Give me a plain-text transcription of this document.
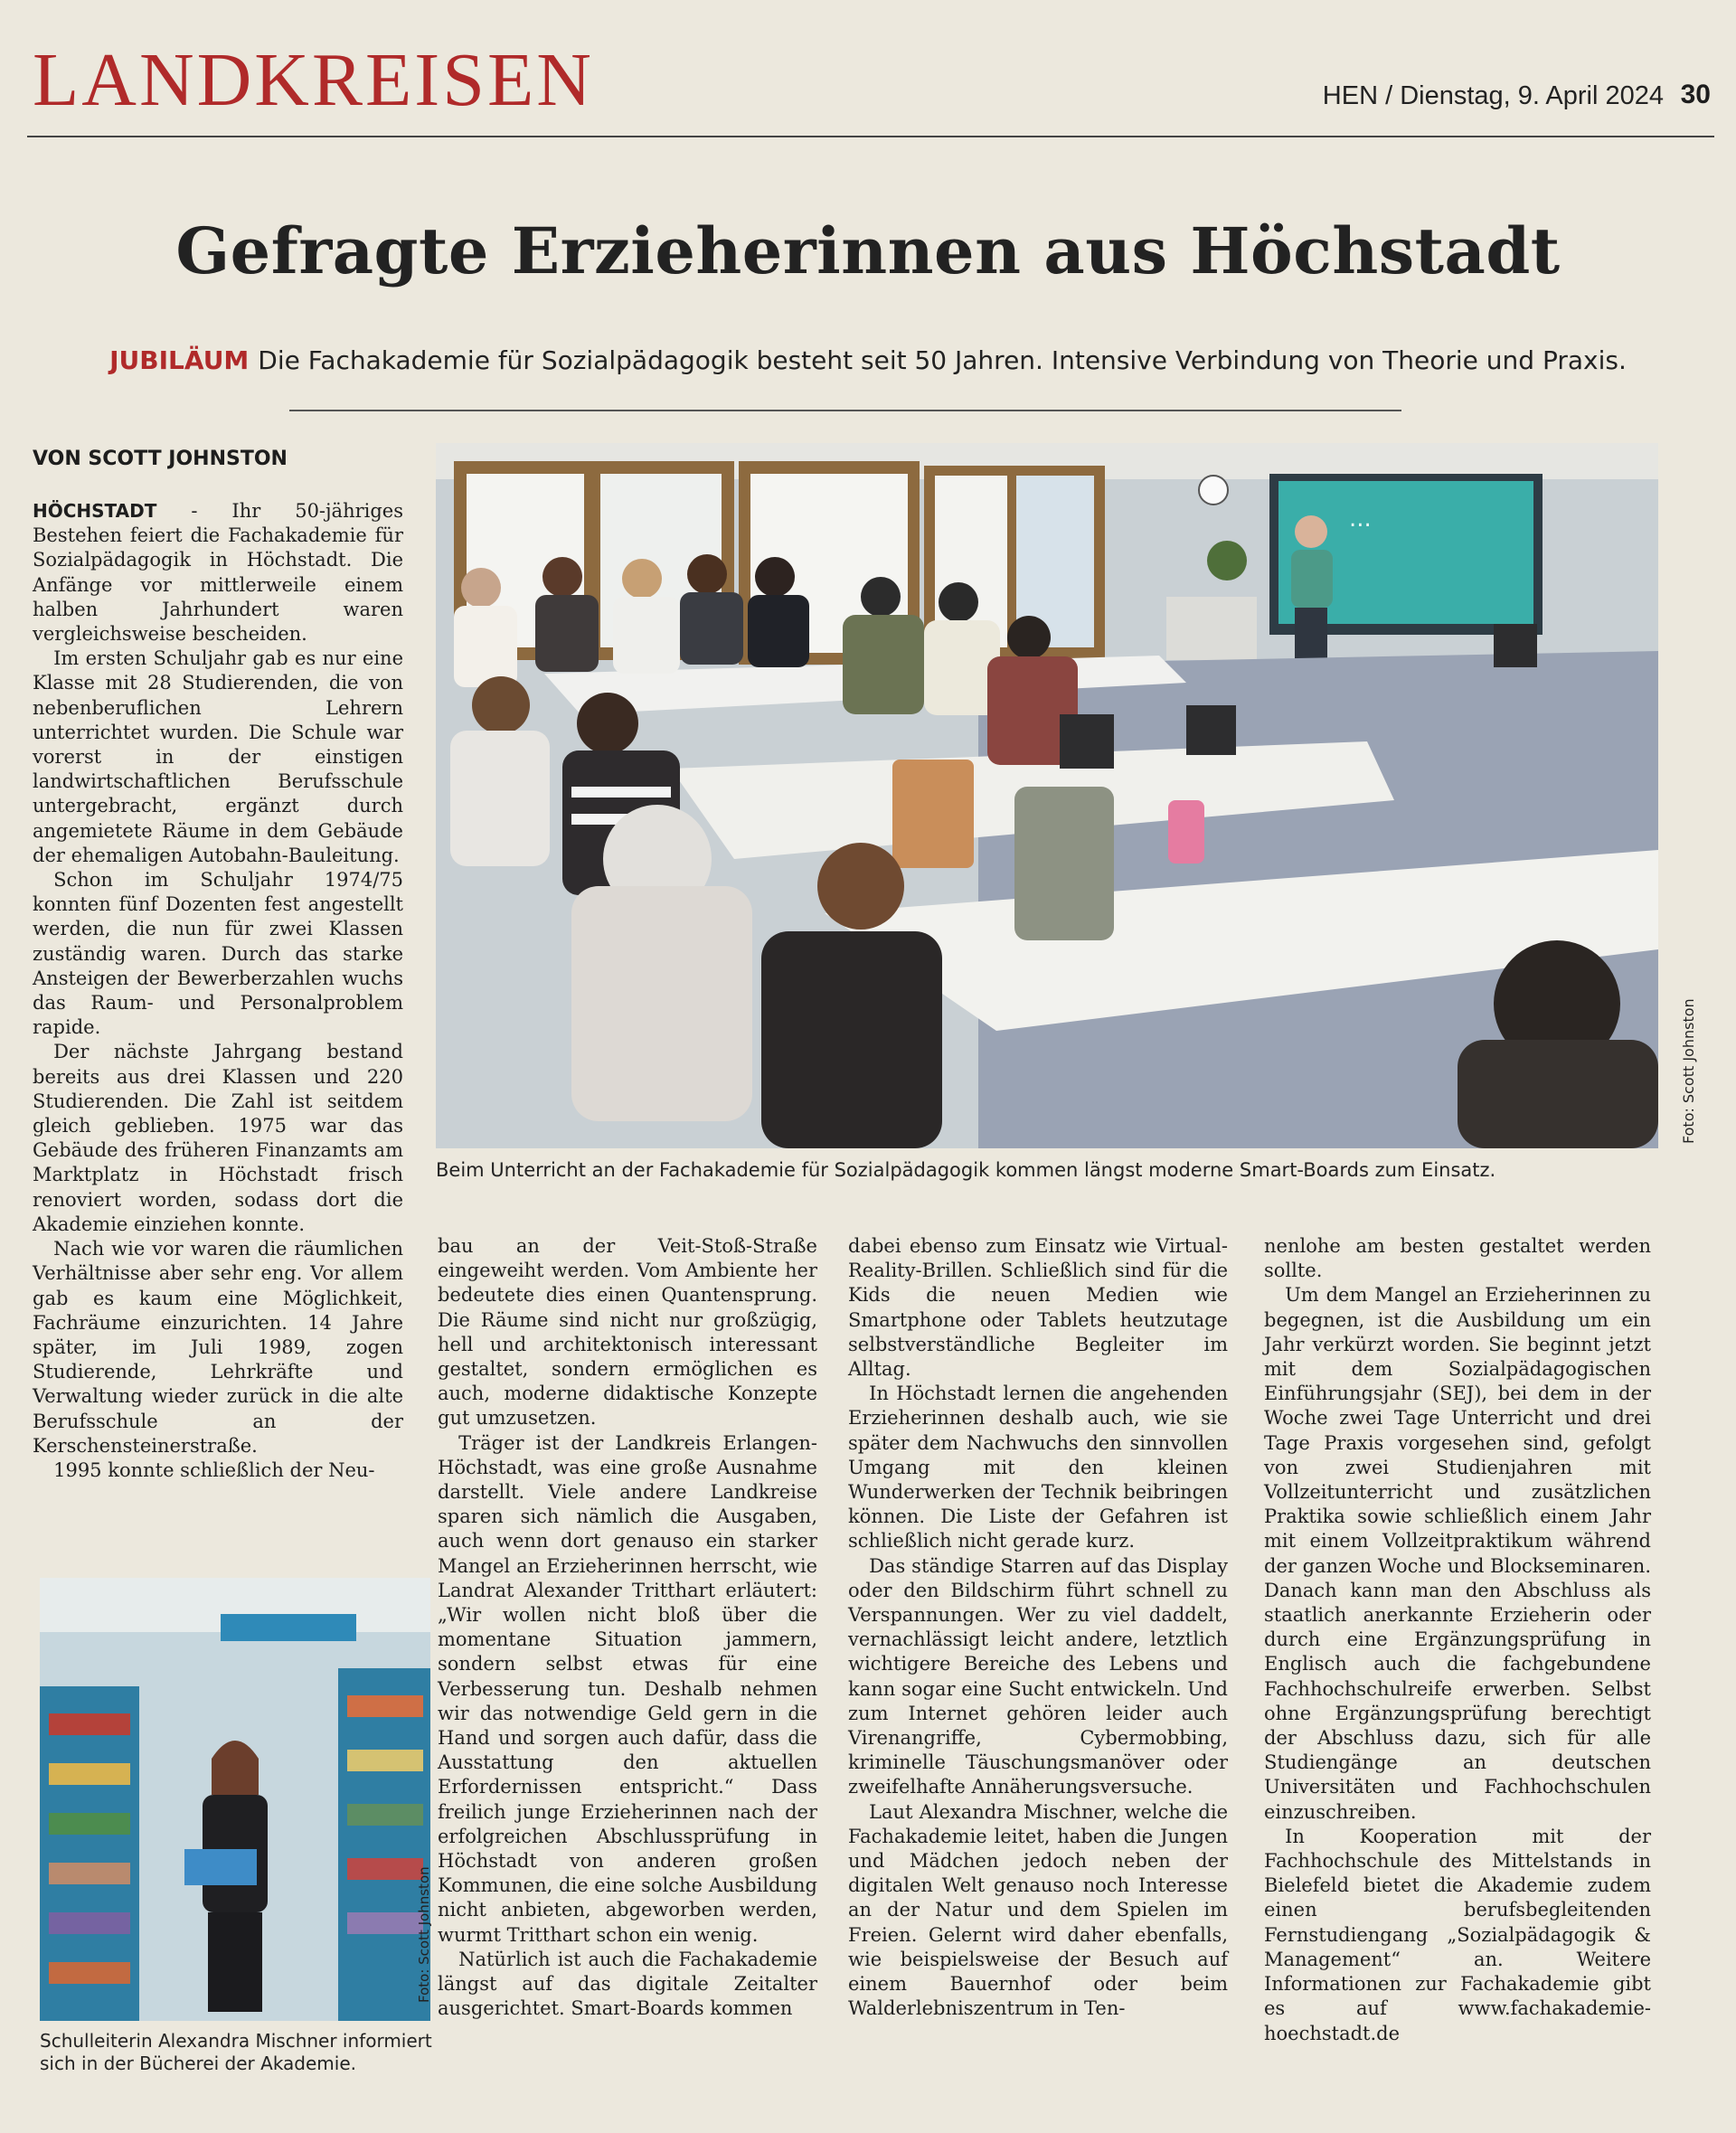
LANDKREISEN	HEN / Dienstag, 9. April 2024 30
Gefragte Erzieherinnen aus Höchstadt
JUBILÄUM Die Fachakademie für Sozialpädagogik besteht seit 50 Jahren. Intensive Verbindung von Theorie und Praxis.
VON SCOTT JOHNSTON
...
Foto: Scott Johnston
Beim Unterricht an der Fachakademie für Sozialpädagogik kommen längst moderne Smart-Boards zum Einsatz.

HÖCHSTADT - Ihr 50-jähriges Bestehen feiert die Fachakademie für Sozialpädagogik in Höchstadt. Die Anfänge vor mittlerweile einem halben Jahrhundert waren vergleichsweise bescheiden.

Im ersten Schuljahr gab es nur eine Klasse mit 28 Studierenden, die von nebenberuflichen Lehrern unterrichtet wurden. Die Schule war vorerst in der einstigen landwirtschaftlichen Berufsschule untergebracht, ergänzt durch angemietete Räume in dem Gebäude der ehemaligen Autobahn-Bauleitung.

Schon im Schuljahr 1974/75 konnten fünf Dozenten fest angestellt werden, die nun für zwei Klassen zuständig waren. Durch das starke Ansteigen der Bewerberzahlen wuchs das Raum- und Personalproblem rapide.

Der nächste Jahrgang bestand bereits aus drei Klassen und 220 Studierenden. Die Zahl ist seitdem gleich geblieben. 1975 war das Gebäude des früheren Finanzamts am Marktplatz in Höchstadt frisch renoviert worden, sodass dort die Akademie einziehen konnte.

Nach wie vor waren die räumlichen Verhältnisse aber sehr eng. Vor allem gab es kaum eine Möglichkeit, Fachräume einzurichten. 14 Jahre später, im Juli 1989, zogen Studierende, Lehrkräfte und Verwaltung wieder zurück in die alte Berufsschule an der Kerschensteinerstraße.

1995 konnte schließlich der Neu-

Foto: Scott Johnston
Schulleiterin Alexandra Mischner informiert sich in der Bücherei der Akademie.

bau an der Veit-Stoß-Straße eingeweiht werden. Vom Ambiente her bedeutete dies einen Quantensprung. Die Räume sind nicht nur großzügig, hell und architektonisch interessant gestaltet, sondern ermöglichen es auch, moderne didaktische Konzepte gut umzusetzen.

Träger ist der Landkreis Erlangen-Höchstadt, was eine große Ausnahme darstellt. Viele andere Landkreise sparen sich nämlich die Ausgaben, auch wenn dort genauso ein starker Mangel an Erzieherinnen herrscht, wie Landrat Alexander Tritthart erläutert: „Wir wollen nicht bloß über die momentane Situation jammern, sondern selbst etwas für eine Verbesserung tun. Deshalb nehmen wir das notwendige Geld gern in die Hand und sorgen auch dafür, dass die Ausstattung den aktuellen Erfordernissen entspricht.“ Dass freilich junge Erzieherinnen nach der erfolgreichen Abschlussprüfung in Höchstadt von anderen großen Kommunen, die eine solche Ausbildung nicht anbieten, abgeworben werden, wurmt Tritthart schon ein wenig.

Natürlich ist auch die Fachakademie längst auf das digitale Zeitalter ausgerichtet. Smart-Boards kommen

dabei ebenso zum Einsatz wie Virtual-Reality-Brillen. Schließlich sind für die Kids die neuen Medien wie Smartphone oder Tablets heutzutage selbstverständliche Begleiter im Alltag.

In Höchstadt lernen die angehenden Erzieherinnen deshalb auch, wie sie später dem Nachwuchs den sinnvollen Umgang mit den kleinen Wunderwerken der Technik beibringen können. Die Liste der Gefahren ist schließlich nicht gerade kurz.

Das ständige Starren auf das Display oder den Bildschirm führt schnell zu Verspannungen. Wer zu viel daddelt, vernachlässigt leicht andere, letztlich wichtigere Bereiche des Lebens und kann sogar eine Sucht entwickeln. Und zum Internet gehören leider auch Virenangriffe, Cybermobbing, kriminelle Täuschungsmanöver oder zweifelhafte Annäherungsversuche.

Laut Alexandra Mischner, welche die Fachakademie leitet, haben die Jungen und Mädchen jedoch neben der digitalen Welt genauso noch Interesse an der Natur und dem Spielen im Freien. Gelernt wird daher ebenfalls, wie beispielsweise der Besuch auf einem Bauernhof oder beim Walderlebniszentrum in Ten-

nenlohe am besten gestaltet werden sollte.

Um dem Mangel an Erzieherinnen zu begegnen, ist die Ausbildung um ein Jahr verkürzt worden. Sie beginnt jetzt mit dem Sozialpädagogischen Einführungsjahr (SEJ), bei dem in der Woche zwei Tage Unterricht und drei Tage Praxis vorgesehen sind, gefolgt von zwei Studienjahren mit Vollzeitunterricht und zusätzlichen Praktika sowie schließlich einem Jahr mit einem Vollzeitpraktikum während der ganzen Woche und Blockseminaren. Danach kann man den Abschluss als staatlich anerkannte Erzieherin oder durch eine Ergänzungsprüfung in Englisch auch die fachgebundene Fachhochschulreife erwerben. Selbst ohne Ergänzungsprüfung berechtigt der Abschluss dazu, sich für alle Studiengänge an deutschen Universitäten und Fachhochschulen einzuschreiben.

In Kooperation mit der Fachhochschule des Mittelstands in Bielefeld bietet die Akademie zudem einen berufsbegleitenden Fernstudiengang „Sozialpädagogik & Management“ an. Weitere Informationen zur Fachakademie gibt es auf www.fachakademie-hoechstadt.de
